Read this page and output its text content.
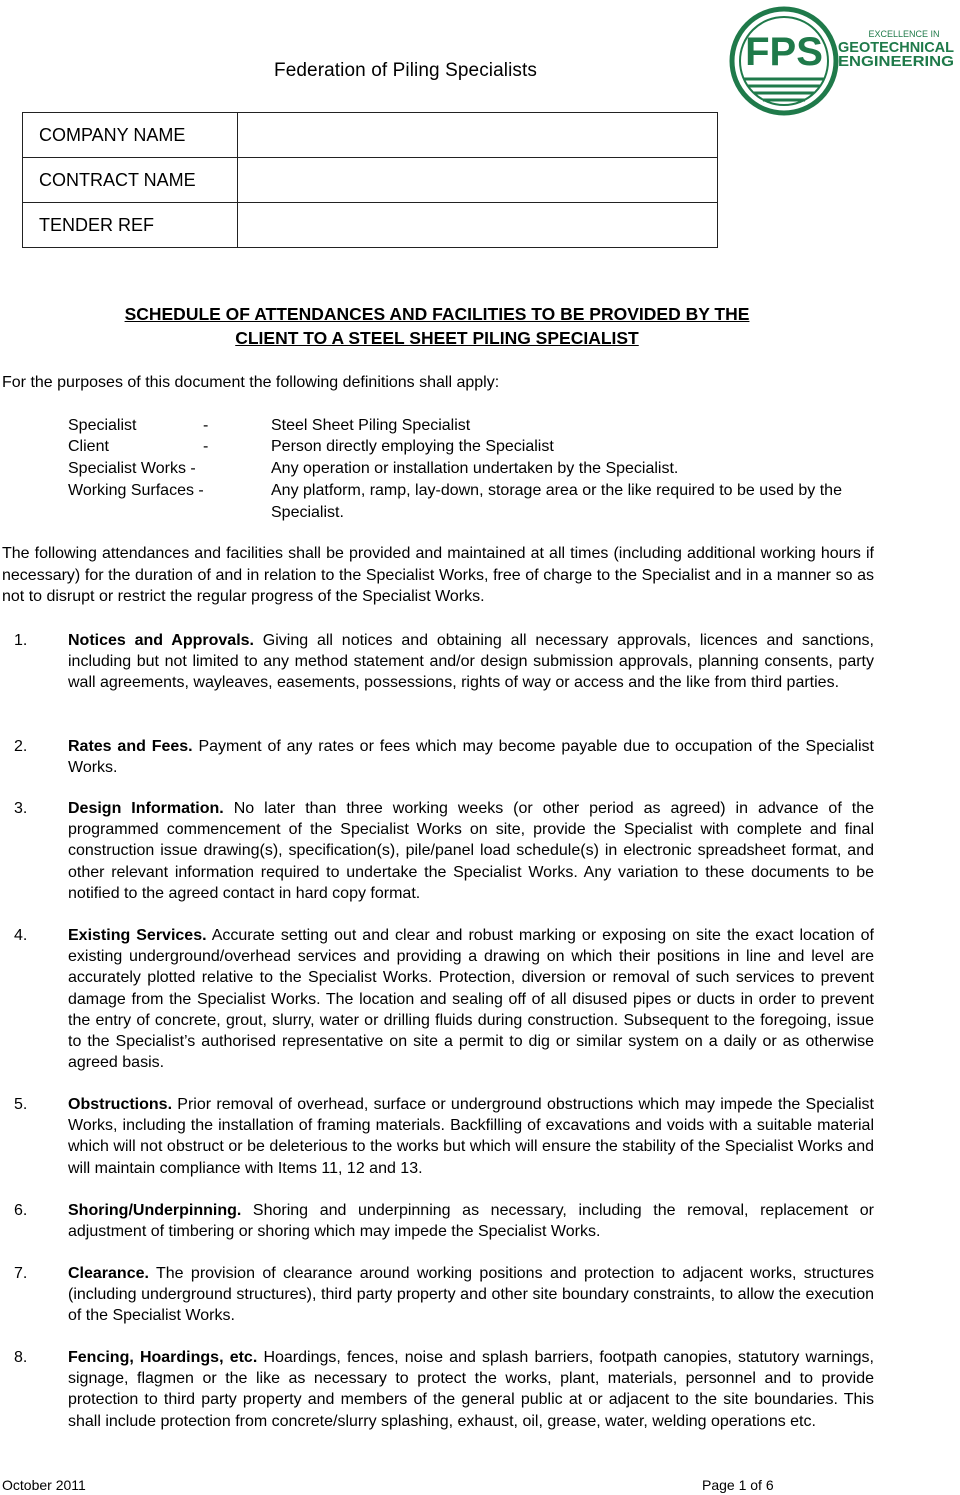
Federation of Piling Specialists	FPS	EXCELLENCE IN
GEOTECHNICAL
ENGINEERING
COMPANY NAME	
CONTRACT NAME	
TENDER REF	
SCHEDULE OF ATTENDANCES AND FACILITIES TO BE PROVIDED BY THE
CLIENT TO A STEEL SHEET PILING SPECIALIST
For the purposes of this document the following definitions shall apply:
Specialist	-	Steel Sheet Piling Specialist
Client	-	Person directly employing the Specialist
Specialist Works -	Any operation or installation undertaken by the Specialist.
Working Surfaces -	Any platform, ramp, lay-down, storage area or the like required to be used by the Specialist.
The following attendances and facilities shall be provided and maintained at all times (including additional working hours if necessary) for the duration of and in relation to the Specialist Works, free of charge to the Specialist and in a manner so as not to disrupt or restrict the regular progress of the Specialist Works.
1.	Notices and Approvals. Giving all notices and obtaining all necessary approvals, licences and sanctions, including but not limited to any method statement and/or design submission approvals, planning consents, party wall agreements, wayleaves, easements, possessions, rights of way or access and the like from third parties.
2.	Rates and Fees. Payment of any rates or fees which may become payable due to occupation of the Specialist Works.
3.	Design Information. No later than three working weeks (or other period as agreed) in advance of the programmed commencement of the Specialist Works on site, provide the Specialist with complete and final construction issue drawing(s), specification(s), pile/panel load schedule(s) in electronic spreadsheet format, and other relevant information required to undertake the Specialist Works. Any variation to these documents to be notified to the agreed contact in hard copy format.
4.	Existing Services. Accurate setting out and clear and robust marking or exposing on site the exact location of existing underground/overhead services and providing a drawing on which their positions in line and level are accurately plotted relative to the Specialist Works. Protection, diversion or removal of such services to prevent damage from the Specialist Works. The location and sealing off of all disused pipes or ducts in order to prevent the entry of concrete, grout, slurry, water or drilling fluids during construction. Subsequent to the foregoing, issue to the Specialist’s authorised representative on site a permit to dig or similar system on a daily or as otherwise agreed basis.
5.	Obstructions. Prior removal of overhead, surface or underground obstructions which may impede the Specialist Works, including the installation of framing materials. Backfilling of excavations and voids with a suitable material which will not obstruct or be deleterious to the works but which will ensure the stability of the Specialist Works and will maintain compliance with Items 11, 12 and 13.
6.	Shoring/Underpinning. Shoring and underpinning as necessary, including the removal, replacement or adjustment of timbering or shoring which may impede the Specialist Works.
7.	Clearance. The provision of clearance around working positions and protection to adjacent works, structures (including underground structures), third party property and other site boundary constraints, to allow the execution of the Specialist Works.
8.	Fencing, Hoardings, etc. Hoardings, fences, noise and splash barriers, footpath canopies, statutory warnings, signage, flagmen or the like as necessary to protect the works, plant, materials, personnel and to provide protection to third party property and members of the general public at or adjacent to the site boundaries. This shall include protection from concrete/slurry splashing, exhaust, oil, grease, water, welding operations etc.
October 2011	Page 1 of 6
